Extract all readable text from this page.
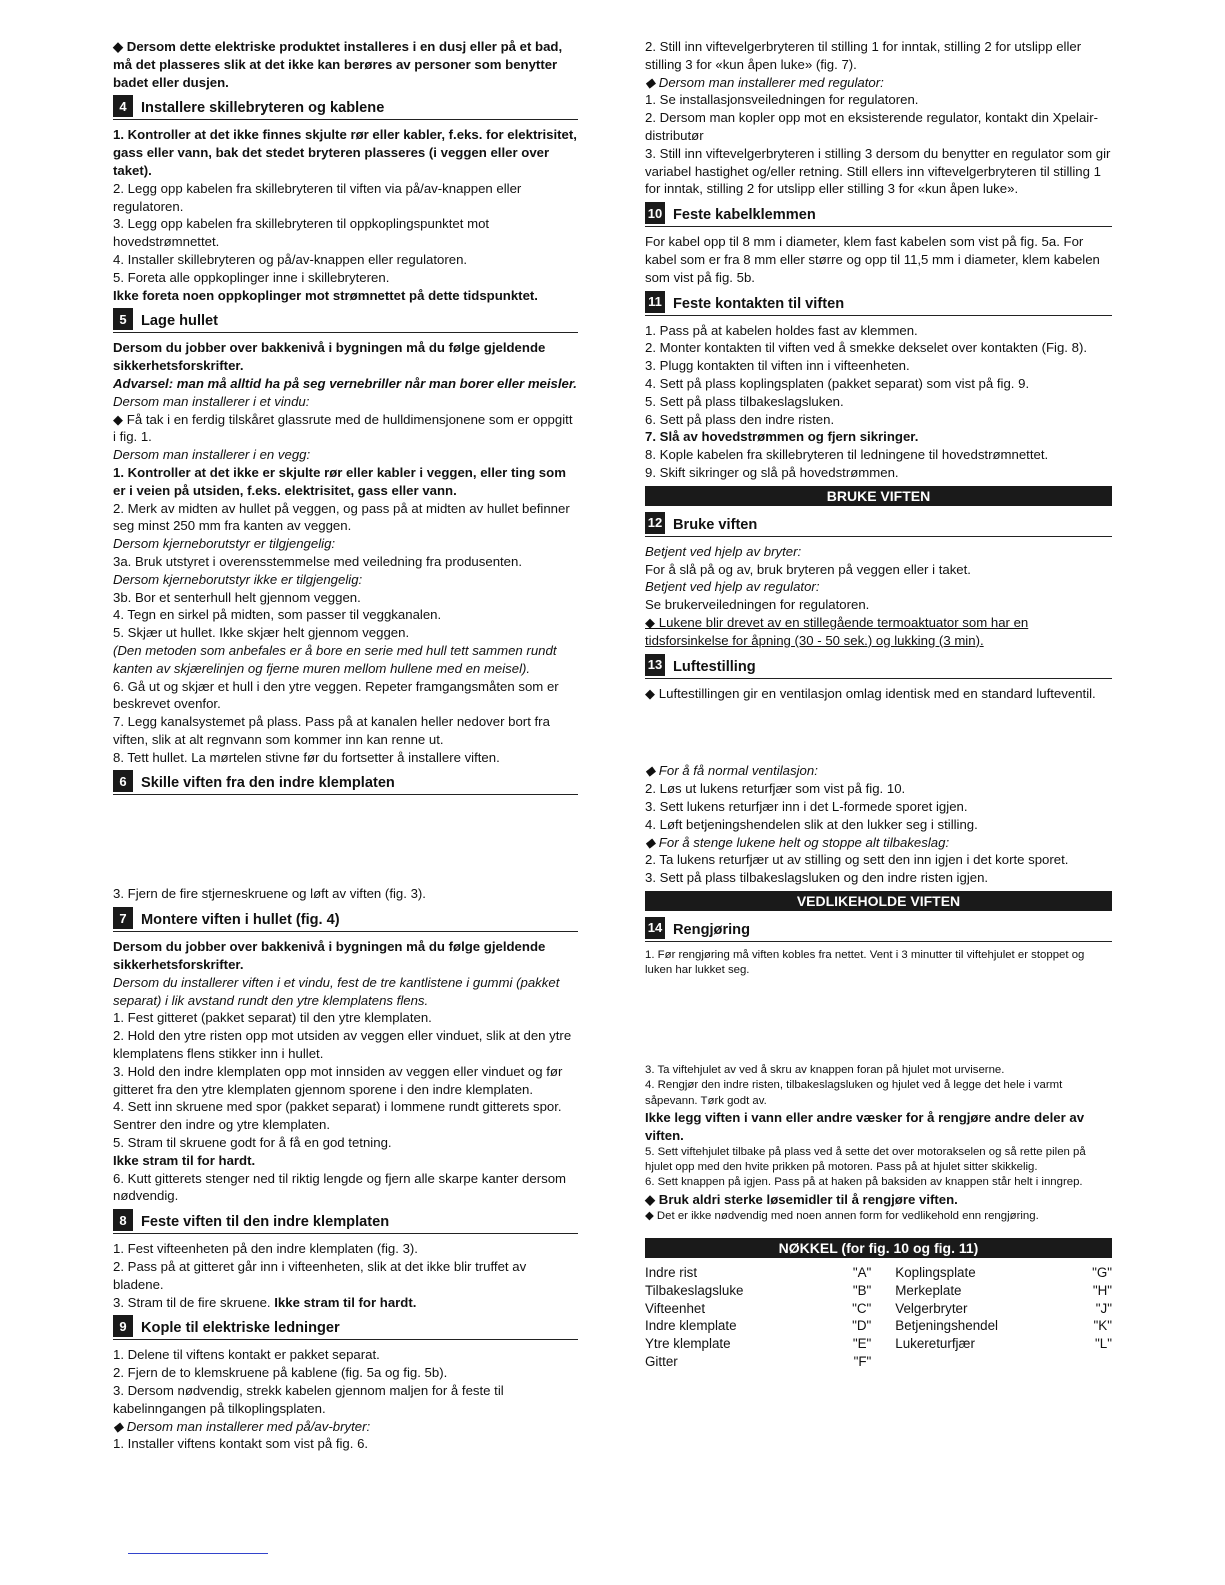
◆ Dersom dette elektriske produktet installeres i en dusj eller på et bad, må det plasseres slik at det ikke kan berøres av personer som benytter badet eller dusjen.

4 Installere skillebryteren og kablene

1. Kontroller at det ikke finnes skjulte rør eller kabler, f.eks. for elektrisitet, gass eller vann, bak det stedet bryteren plasseres (i veggen eller over taket).

2. Legg opp kabelen fra skillebryteren til viften via på/av-knappen eller regulatoren.

3. Legg opp kabelen fra skillebryteren til oppkoplingspunktet mot hovedstrømnettet.

4. Installer skillebryteren og på/av-knappen eller regulatoren.

5. Foreta alle oppkoplinger inne i skillebryteren.

Ikke foreta noen oppkoplinger mot strømnettet på dette tidspunktet.

5 Lage hullet

Dersom du jobber over bakkenivå i bygningen må du følge gjeldende sikkerhetsforskrifter.

Advarsel: man må alltid ha på seg vernebriller når man borer eller meisler.

Dersom man installerer i et vindu:

◆ Få tak i en ferdig tilskåret glassrute med de hulldimensjonene som er oppgitt i fig. 1.

Dersom man installerer i en vegg:

1. Kontroller at det ikke er skjulte rør eller kabler i veggen, eller ting som er i veien på utsiden, f.eks. elektrisitet, gass eller vann.

2. Merk av midten av hullet på veggen, og pass på at midten av hullet befinner seg minst 250 mm fra kanten av veggen.

Dersom kjerneborutstyr er tilgjengelig:

3a. Bruk utstyret i overensstemmelse med veiledning fra produsenten.

Dersom kjerneborutstyr ikke er tilgjengelig:

3b. Bor et senterhull helt gjennom veggen.

4. Tegn en sirkel på midten, som passer til veggkanalen.

5. Skjær ut hullet. Ikke skjær helt gjennom veggen.

(Den metoden som anbefales er å bore en serie med hull tett sammen rundt kanten av skjærelinjen og fjerne muren mellom hullene med en meisel).

6. Gå ut og skjær et hull i den ytre veggen. Repeter framgangsmåten som er beskrevet ovenfor.

7. Legg kanalsystemet på plass. Pass på at kanalen heller nedover bort fra viften, slik at alt regnvann som kommer inn kan renne ut.

8. Tett hullet. La mørtelen stivne før du fortsetter å installere viften.

6 Skille viften fra den indre klemplaten

3. Fjern de fire stjerneskruene og løft av viften (fig. 3).

7 Montere viften i hullet (fig. 4)

Dersom du jobber over bakkenivå i bygningen må du følge gjeldende sikkerhetsforskrifter.

Dersom du installerer viften i et vindu, fest de tre kantlistene i gummi (pakket separat) i lik avstand rundt den ytre klemplatens flens.

1. Fest gitteret (pakket separat) til den ytre klemplaten.

2. Hold den ytre risten opp mot utsiden av veggen eller vinduet, slik at den ytre klemplatens flens stikker inn i hullet.

3. Hold den indre klemplaten opp mot innsiden av veggen eller vinduet og før gitteret fra den ytre klemplaten gjennom sporene i den indre klemplaten.

4. Sett inn skruene med spor (pakket separat) i lommene rundt gitterets spor. Sentrer den indre og ytre klemplaten.

5. Stram til skruene godt for å få en god tetning.

Ikke stram til for hardt.

6. Kutt gitterets stenger ned til riktig lengde og fjern alle skarpe kanter dersom nødvendig.

8 Feste viften til den indre klemplaten

1. Fest vifteenheten på den indre klemplaten (fig. 3).

2. Pass på at gitteret går inn i vifteenheten, slik at det ikke blir truffet av bladene.

3. Stram til de fire skruene. Ikke stram til for hardt.

9 Kople til elektriske ledninger

1. Delene til viftens kontakt er pakket separat.

2. Fjern de to klemskruene på kablene (fig. 5a og fig. 5b).

3. Dersom nødvendig, strekk kabelen gjennom maljen for å feste til kabelinngangen på tilkoplingsplaten.

◆ Dersom man installerer med på/av-bryter:

1. Installer viftens kontakt som vist på fig. 6.

2. Still inn viftevelgerbryteren til stilling 1 for inntak, stilling 2 for utslipp eller stilling 3 for «kun åpen luke» (fig. 7).

◆ Dersom man installerer med regulator:

1. Se installasjonsveiledningen for regulatoren.

2. Dersom man kopler opp mot en eksisterende regulator, kontakt din Xpelair-distributør

3. Still inn viftevelgerbryteren i stilling 3 dersom du benytter en regulator som gir variabel hastighet og/eller retning. Still ellers inn viftevelgerbryteren til stilling 1 for inntak, stilling 2 for utslipp eller stilling 3 for «kun åpen luke».

10 Feste kabelklemmen

For kabel opp til 8 mm i diameter, klem fast kabelen som vist på fig. 5a. For kabel som er fra 8 mm eller større og opp til 11,5 mm i diameter, klem kabelen som vist på fig. 5b.

11 Feste kontakten til viften

1. Pass på at kabelen holdes fast av klemmen.

2. Monter kontakten til viften ved å smekke dekselet over kontakten (Fig. 8).

3. Plugg kontakten til viften inn i vifteenheten.

4. Sett på plass koplingsplaten (pakket separat) som vist på fig. 9.

5. Sett på plass tilbakeslagsluken.

6. Sett på plass den indre risten.

7. Slå av hovedstrømmen og fjern sikringer.

8. Kople kabelen fra skillebryteren til ledningene til hovedstrømnettet.

9. Skift sikringer og slå på hovedstrømmen.

BRUKE VIFTEN
12 Bruke viften

Betjent ved hjelp av bryter:

For å slå på og av, bruk bryteren på veggen eller i taket.

Betjent ved hjelp av regulator:

Se brukerveiledningen for regulatoren.

◆ Lukene blir drevet av en stillegående termoaktuator som har en tidsforsinkelse for åpning (30 - 50 sek.) og lukking (3 min).

13 Luftestilling

◆ Luftestillingen gir en ventilasjon omlag identisk med en standard lufteventil.

◆ For å få normal ventilasjon:

2. Løs ut lukens returfjær som vist på fig. 10.

3. Sett lukens returfjær inn i det L-formede sporet igjen.

4. Løft betjeningshendelen slik at den lukker seg i stilling.

◆ For å stenge lukene helt og stoppe alt tilbakeslag:

2. Ta lukens returfjær ut av stilling og sett den inn igjen i det korte sporet.

3. Sett på plass tilbakeslagsluken og den indre risten igjen.

VEDLIKEHOLDE VIFTEN
14 Rengjøring

1. Før rengjøring må viften kobles fra nettet. Vent i 3 minutter til viftehjulet er stoppet og luken har lukket seg.

3. Ta viftehjulet av ved å skru av knappen foran på hjulet mot urviserne.

4. Rengjør den indre risten, tilbakeslagsluken og hjulet ved å legge det hele i varmt såpevann. Tørk godt av.

Ikke legg viften i vann eller andre væsker for å rengjøre andre deler av viften.

5. Sett viftehjulet tilbake på plass ved å sette det over motorakselen og så rette pilen på hjulet opp med den hvite prikken på motoren. Pass på at hjulet sitter skikkelig.

6. Sett knappen på igjen. Pass på at haken på baksiden av knappen står helt i inngrep.

◆ Bruk aldri sterke løsemidler til å rengjøre viften.

◆ Det er ikke nødvendig med noen annen form for vedlikehold enn rengjøring.

NØKKEL (for fig. 10 og fig. 11)
Indre rist	"A"	Koplingsplate	"G"
Tilbakeslagsluke	"B"	Merkeplate	"H"
Vifteenhet	"C"	Velgerbryter	"J"
Indre klemplate	"D"	Betjeningshendel	"K"
Ytre klemplate	"E"	Lukereturfjær	"L"
Gitter	"F"		
